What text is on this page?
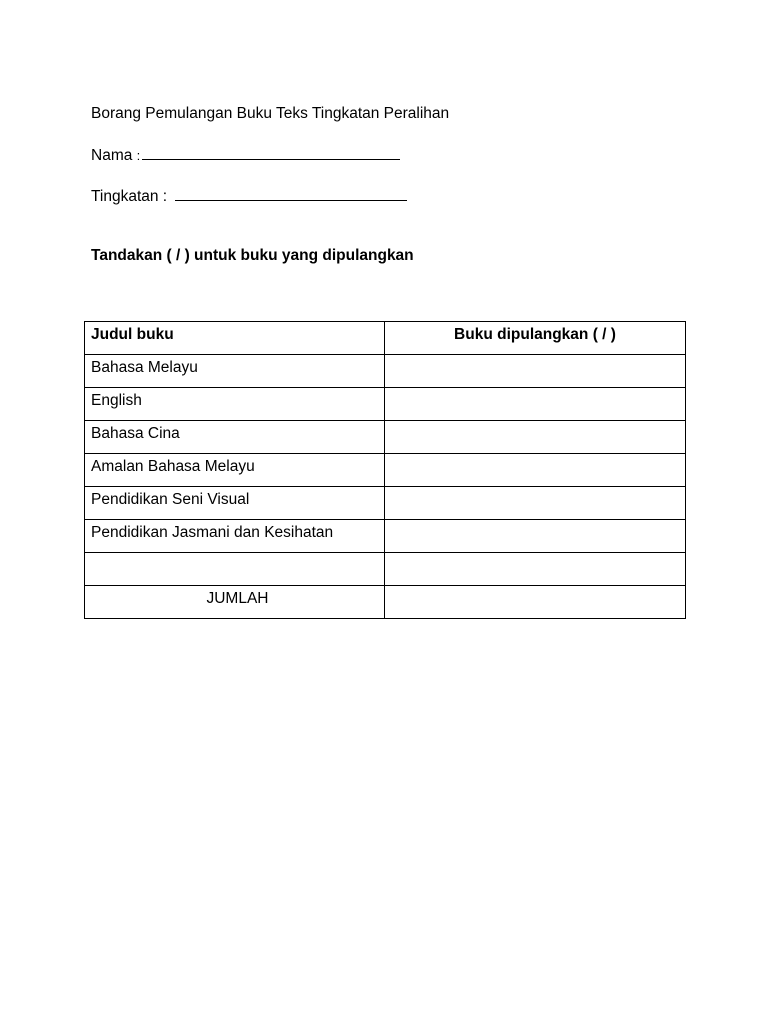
Borang Pemulangan Buku Teks Tingkatan Peralihan
Nama :
Tingkatan :
Tandakan ( / ) untuk buku yang dipulangkan
Judul buku	Buku dipulangkan ( / )
Bahasa Melayu	
English	
Bahasa Cina	
Amalan Bahasa Melayu	
Pendidikan Seni Visual	
Pendidikan Jasmani dan Kesihatan	

JUMLAH	
